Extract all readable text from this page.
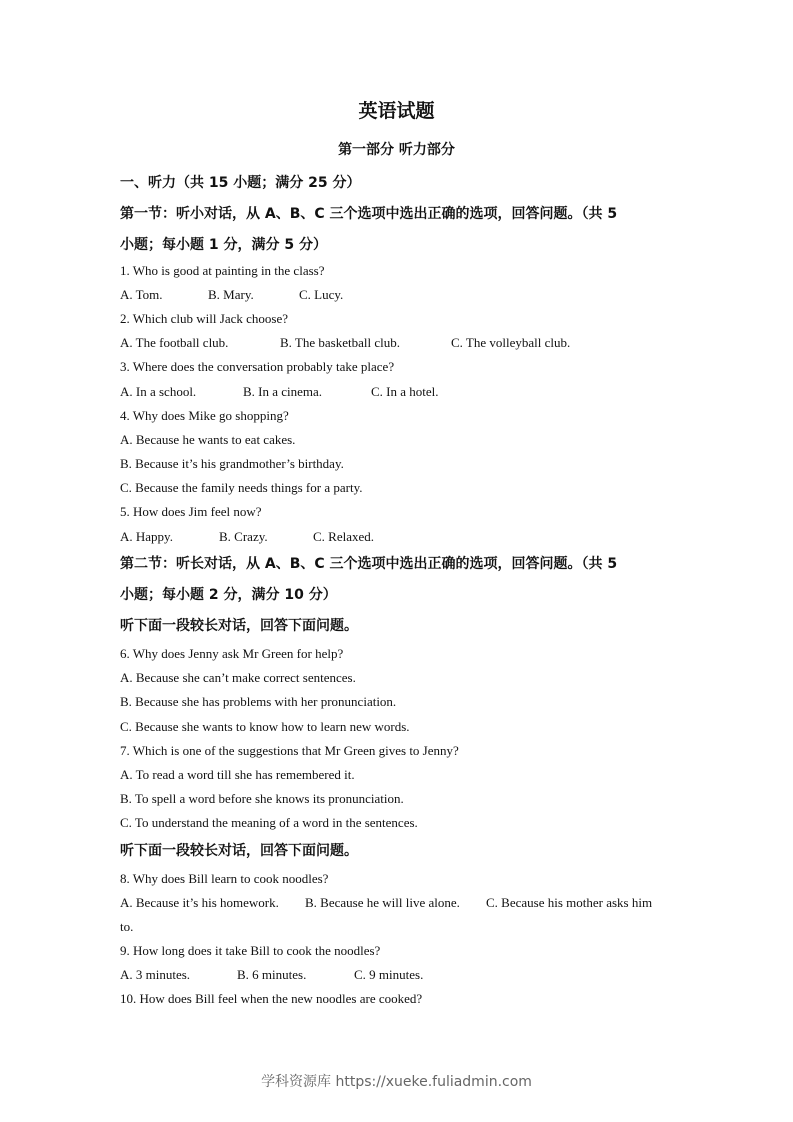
英语试题
第一部分 听力部分
一、听力（共 15 小题；满分 25 分）
第一节：听小对话，从 A、B、C 三个选项中选出正确的选项，回答问题。（共 5
小题；每小题 1 分，满分 5 分）
1. Who is good at painting in the class?
A. Tom.	B. Mary.	C. Lucy.
2. Which club will Jack choose?
A. The football club.	B. The basketball club.	C. The volleyball club.
3. Where does the conversation probably take place?
A. In a school.	B. In a cinema.	C. In a hotel.
4. Why does Mike go shopping?
A. Because he wants to eat cakes.
B. Because it’s his grandmother’s birthday.
C. Because the family needs things for a party.
5. How does Jim feel now?
A. Happy.	B. Crazy.	C. Relaxed.
第二节：听长对话，从 A、B、C 三个选项中选出正确的选项，回答问题。（共 5
小题；每小题 2 分，满分 10 分）
听下面一段较长对话，回答下面问题。
6. Why does Jenny ask Mr Green for help?
A. Because she can’t make correct sentences.
B. Because she has problems with her pronunciation.
C. Because she wants to know how to learn new words.
7. Which is one of the suggestions that Mr Green gives to Jenny?
A. To read a word till she has remembered it.
B. To spell a word before she knows its pronunciation.
C. To understand the meaning of a word in the sentences.
听下面一段较长对话，回答下面问题。
8. Why does Bill learn to cook noodles?
A. Because it’s his homework. B. Because he will live alone. C. Because his mother asks him
to.
9. How long does it take Bill to cook the noodles?
A. 3 minutes.	B. 6 minutes.	C. 9 minutes.
10. How does Bill feel when the new noodles are cooked?
学科资源库 https://xueke.fuliadmin.com
